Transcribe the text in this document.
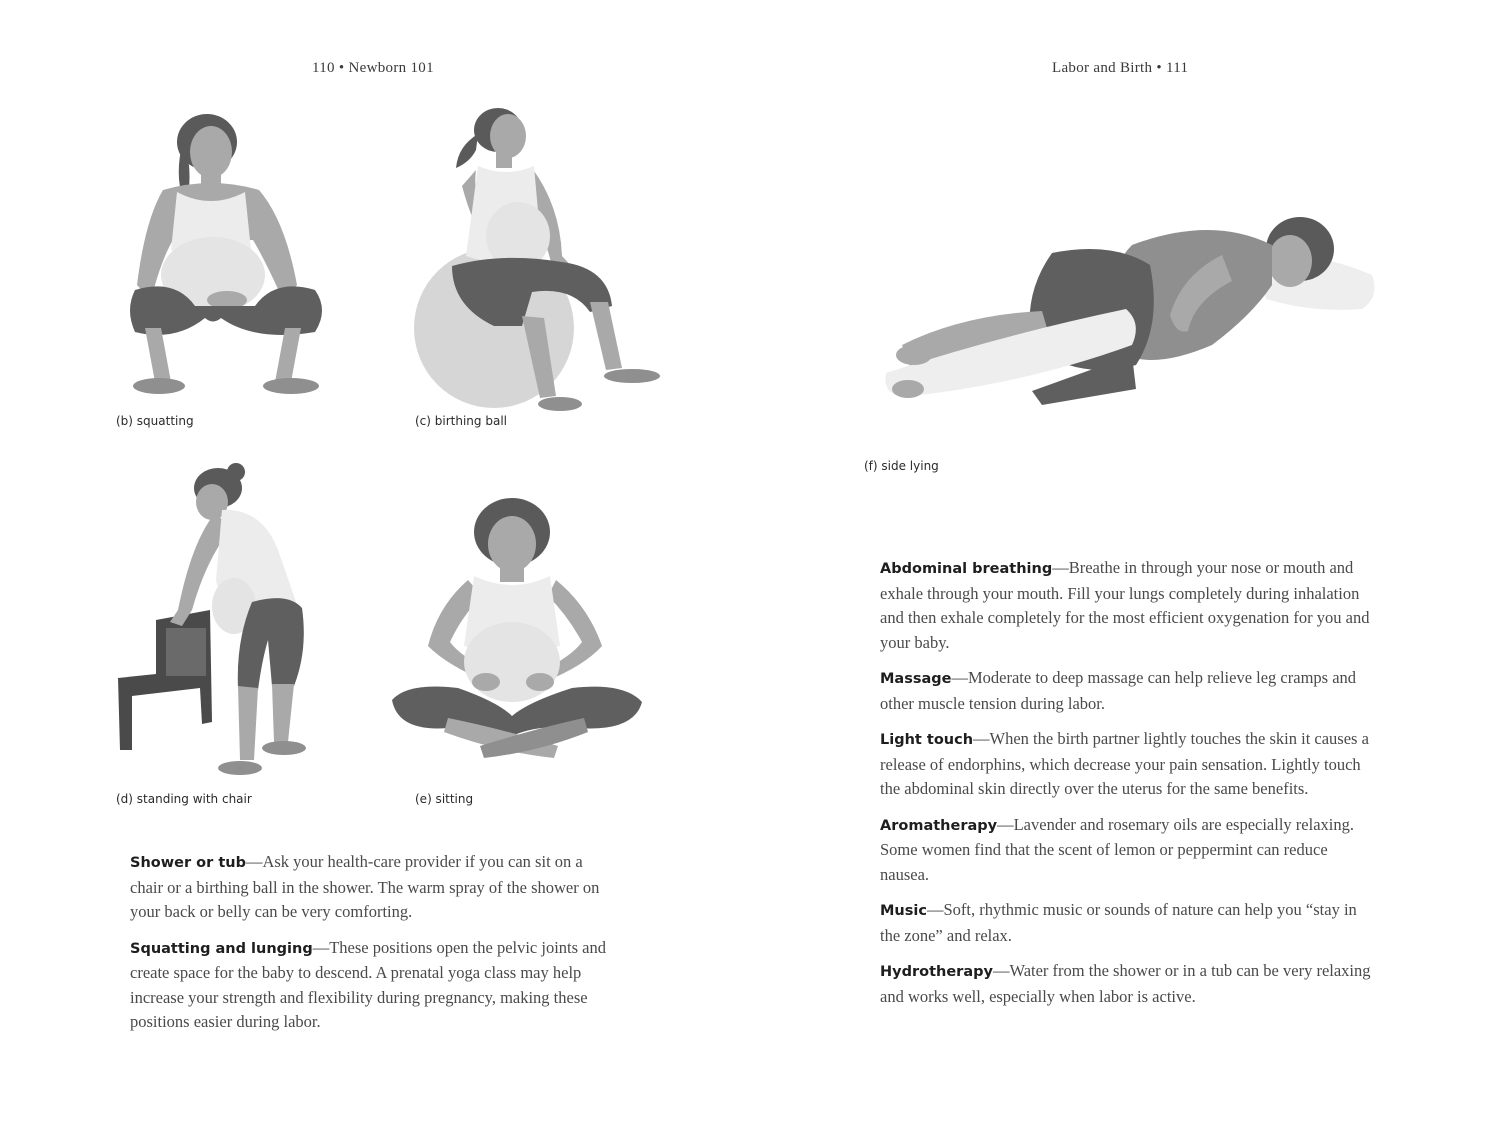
110 • Newborn 101
(b) squatting	(c) birthing ball
(d) standing with chair	(e) sitting

Shower or tub—Ask your health-care provider if you can sit on a chair or a birthing ball in the shower. The warm spray of the shower on your back or belly can be very comforting.

Squatting and lunging—These positions open the pelvic joints and create space for the baby to descend. A prenatal yoga class may help increase your strength and flexibility during pregnancy, making these positions easier during labor.

Labor and Birth • 111
(f) side lying

Abdominal breathing—Breathe in through your nose or mouth and exhale through your mouth. Fill your lungs completely during inhalation and then exhale completely for the most efficient oxygenation for you and your baby.

Massage—Moderate to deep massage can help relieve leg cramps and other muscle tension during labor.

Light touch—When the birth partner lightly touches the skin it causes a release of endorphins, which decrease your pain sensation. Lightly touch the abdominal skin directly over the uterus for the same benefits.

Aromatherapy—Lavender and rosemary oils are especially relaxing. Some women find that the scent of lemon or peppermint can reduce nausea.

Music—Soft, rhythmic music or sounds of nature can help you “stay in the zone” and relax.

Hydrotherapy—Water from the shower or in a tub can be very relaxing and works well, especially when labor is active.
